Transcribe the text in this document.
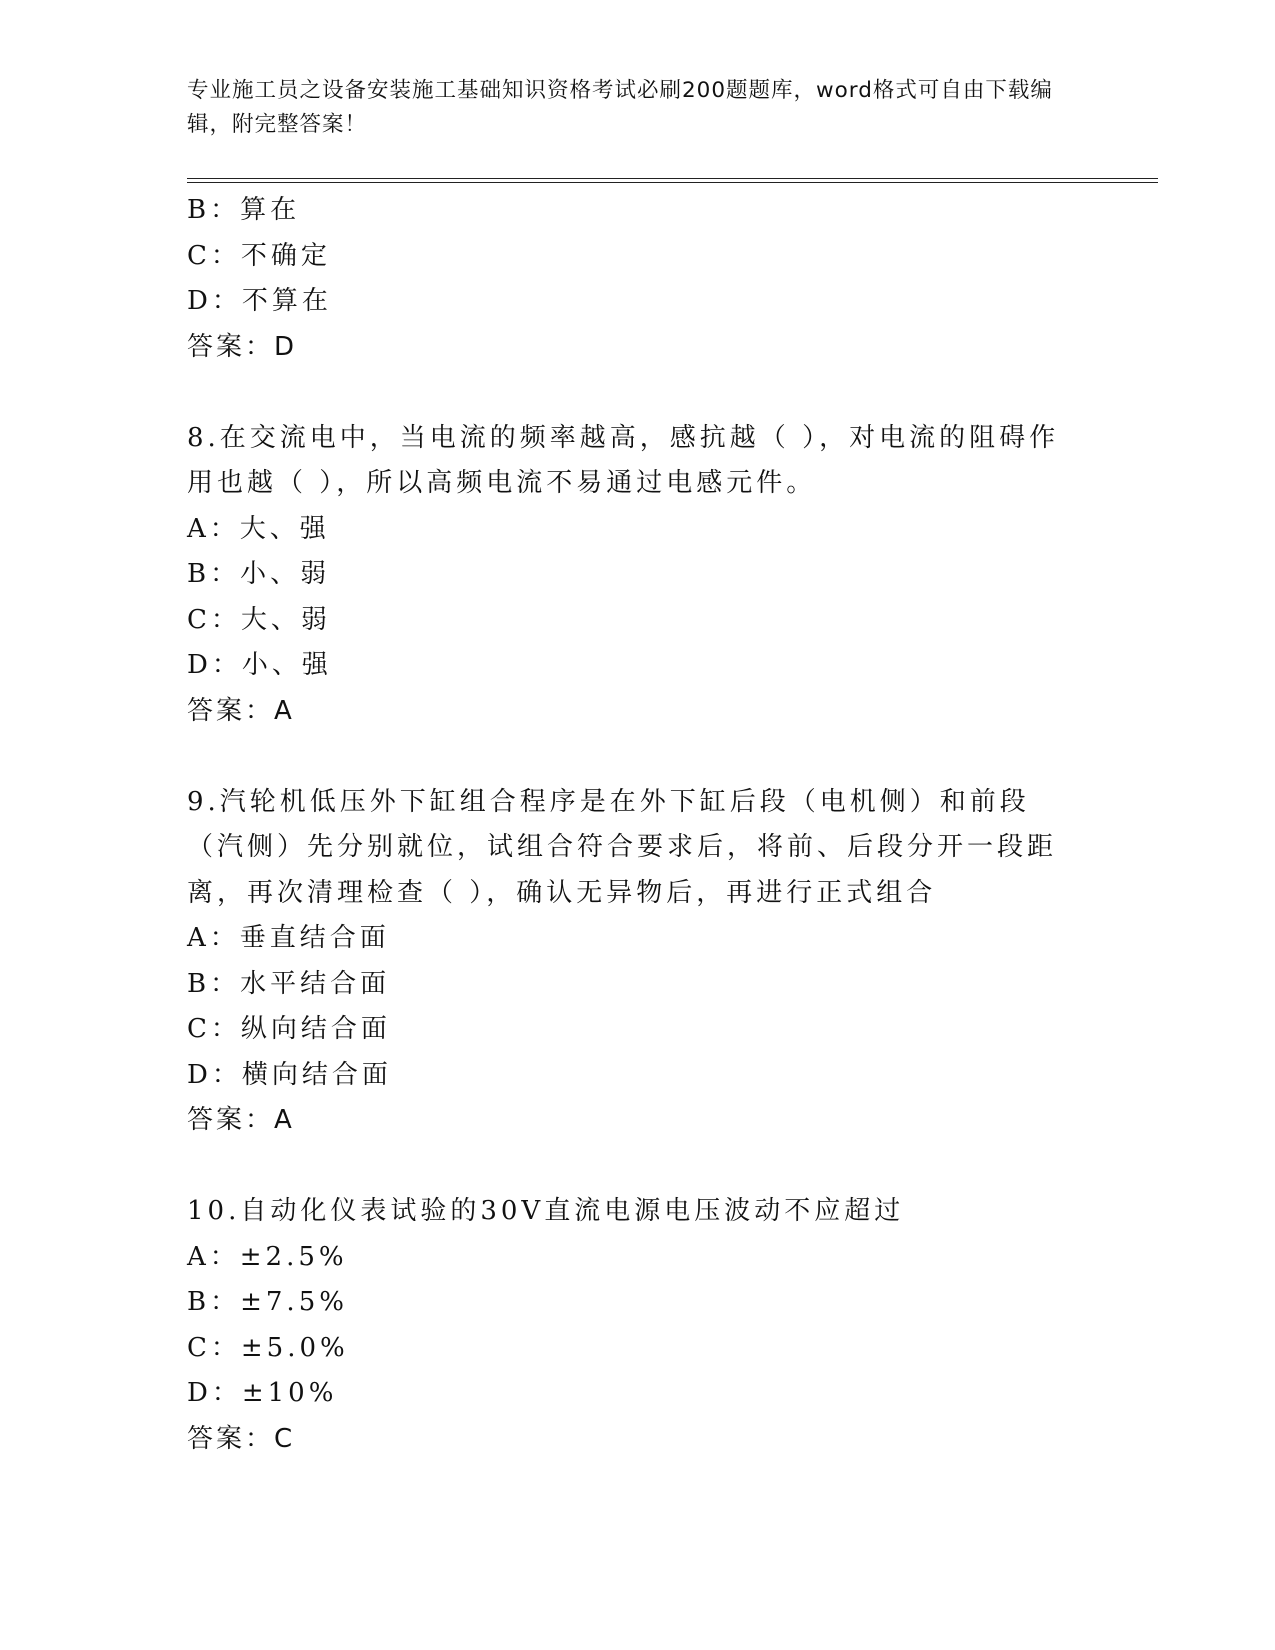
专业施工员之设备安装施工基础知识资格考试必刷200题题库，word格式可自由下载编辑，附完整答案！
B：算在
C：不确定
D：不算在
答案：D
8.在交流电中，当电流的频率越高，感抗越（ ），对电流的阻碍作用也越（ ），所以高频电流不易通过电感元件。
A：大、强
B：小、弱
C：大、弱
D：小、强
答案：A
9.汽轮机低压外下缸组合程序是在外下缸后段（电机侧）和前段（汽侧）先分别就位，试组合符合要求后，将前、后段分开一段距离，再次清理检查（ ），确认无异物后，再进行正式组合
A：垂直结合面
B：水平结合面
C：纵向结合面
D：横向结合面
答案：A
10.自动化仪表试验的30V直流电源电压波动不应超过
A：±2.5%
B：±7.5%
C：±5.0%
D：±10%
答案：C
